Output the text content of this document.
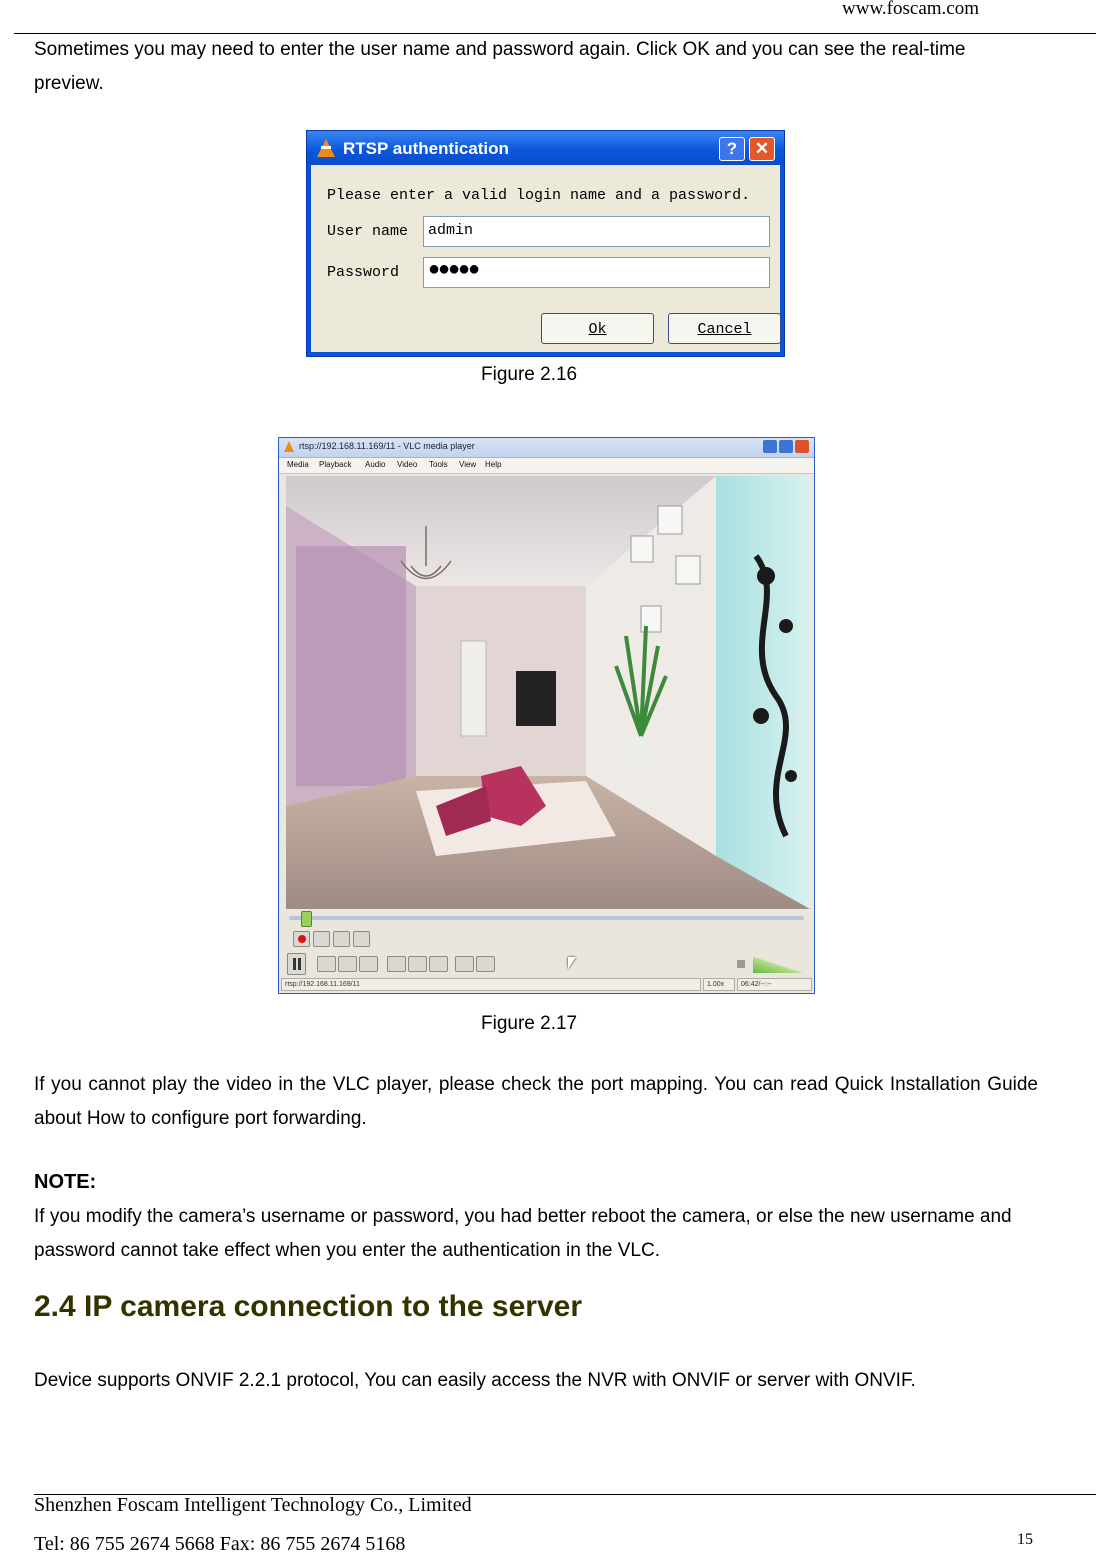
www.foscam.com
Sometimes you may need to enter the user name and password again. Click OK and you can see the real-time preview.
RTSP authentication	?	✕
Please enter a valid login name and a password.
User name admin
Password ●●●●●
Ok	Cancel
Figure 2.16
rtsp://192.168.11.169/11 - VLC media player
Media Playback Audio Video Tools View Help
rtsp://192.168.11.169/11	1.00x	06:42/--:--
Figure 2.17
If you cannot play the video in the VLC player, please check the port mapping. You can read Quick Installation Guide about How to configure port forwarding.
NOTE:
If you modify the camera’s username or password, you had better reboot the camera, or else the new username and password cannot take effect when you enter the authentication in the VLC.
2.4 IP camera connection to the server
Device supports ONVIF 2.2.1 protocol, You can easily access the NVR with ONVIF or server with ONVIF.
Shenzhen Foscam Intelligent Technology Co., Limited
Tel: 86 755 2674 5668 Fax: 86 755 2674 5168	15
